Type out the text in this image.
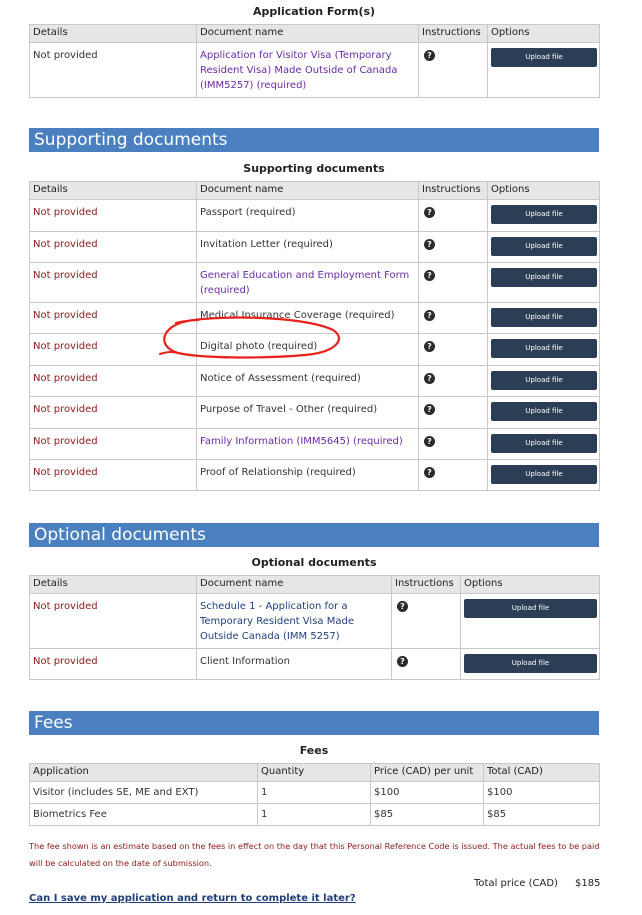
Application Form(s)
Details	Document name	Instructions	Options
Not provided	Application for Visitor Visa (Temporary Resident Visa) Made Outside of Canada (IMM5257) (required)	?	Upload file
Supporting documents
Supporting documents
Details	Document name	Instructions	Options
Not provided	Passport (required)	?	Upload file

Not provided	Invitation Letter (required)	?	Upload file

Not provided	General Education and Employment Form (required)	?	Upload file

Not provided	Medical Insurance Coverage (required)	?	Upload file

Not provided	Digital photo (required)	?	Upload file

Not provided	Notice of Assessment (required)	?	Upload file

Not provided	Purpose of Travel - Other (required)	?	Upload file

Not provided	Family Information (IMM5645) (required)	?	Upload file

Not provided	Proof of Relationship (required)	?	Upload file
Optional documents
Optional documents
Details	Document name	Instructions	Options
Not provided	Schedule 1 - Application for a Temporary Resident Visa Made Outside Canada (IMM 5257)	?	Upload file

Not provided	Client Information	?	Upload file
Fees
Fees
Application	Quantity	Price (CAD) per unit	Total (CAD)
Visitor (includes SE, ME and EXT)	1	$100	$100
Biometrics Fee	1	$85	$85
The fee shown is an estimate based on the fees in effect on the day that this Personal Reference Code is issued. The actual fees to be paid will be calculated on the date of submission.
Total price (CAD) $185
Can I save my application and return to complete it later?
